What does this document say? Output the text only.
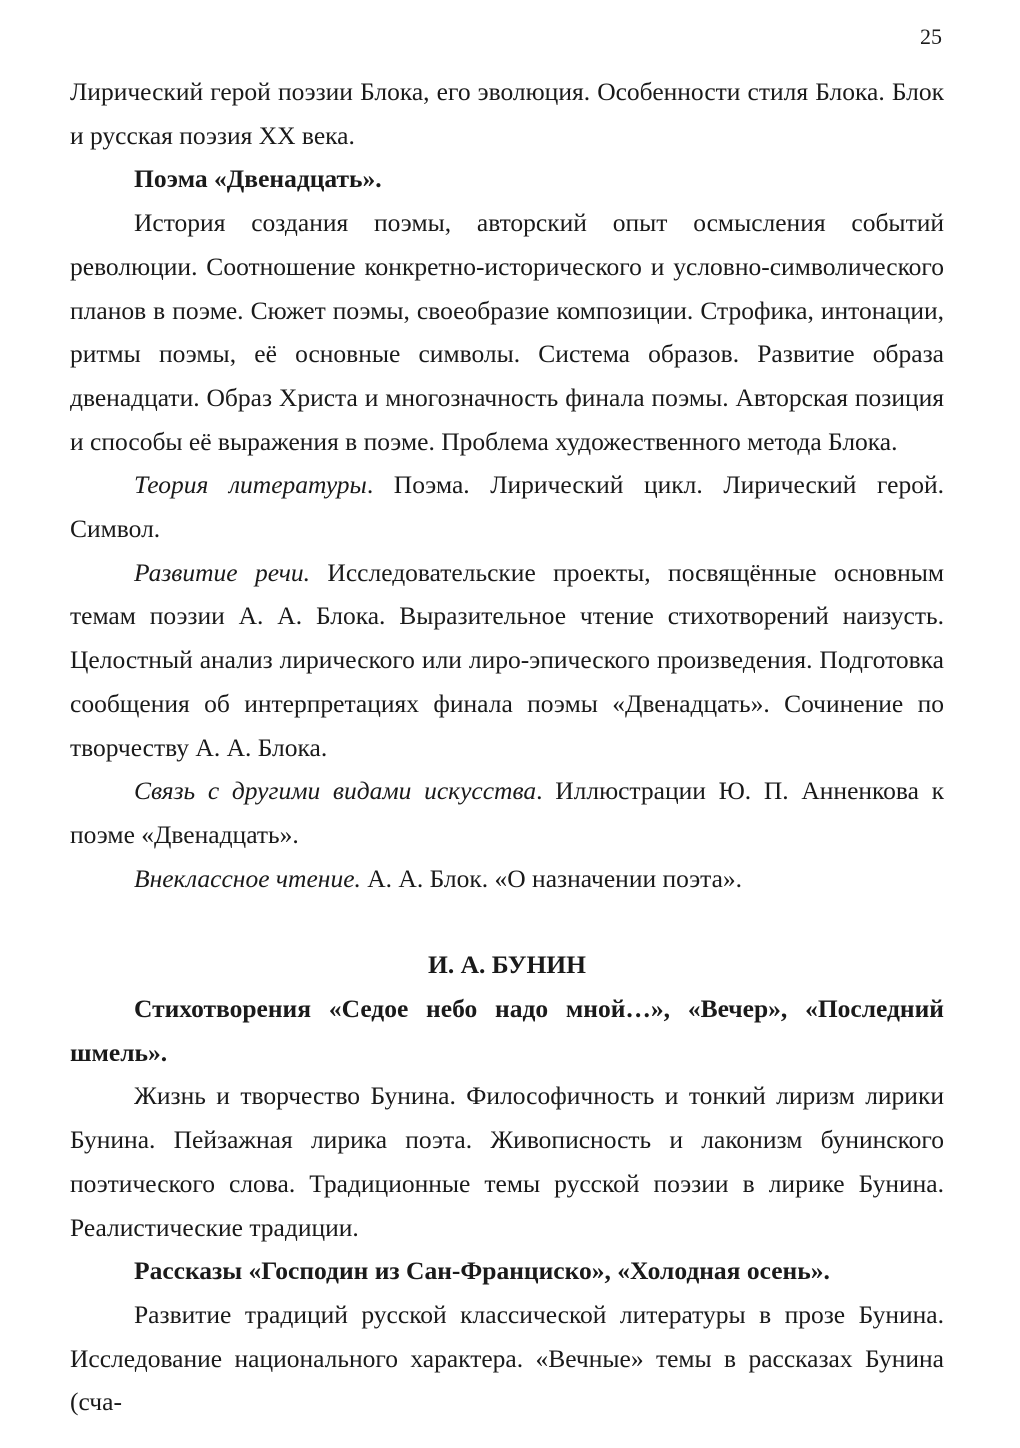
25

Лирический герой поэзии Блока, его эволюция. Особенности стиля Блока. Блок и русская поэзия XX века.

Поэма «Двенадцать».

История создания поэмы, авторский опыт осмысления событий революции. Соотношение конкретно-исторического и условно-символического планов в поэме. Сюжет поэмы, своеобразие композиции. Строфика, интонации, ритмы поэмы, её основные символы. Система образов. Развитие образа двенадцати. Образ Христа и многозначность финала поэмы. Авторская позиция и способы её выражения в поэме. Проблема художественного метода Блока.

Теория литературы. Поэма. Лирический цикл. Лирический герой. Символ.

Развитие речи. Исследовательские проекты, посвящённые основным темам поэзии А. А. Блока. Выразительное чтение стихотворений наизусть. Целостный анализ лирического или лиро-эпического произведения. Подготовка сообщения об интерпретациях финала поэмы «Двенадцать». Сочинение по творчеству А. А. Блока.

Связь с другими видами искусства. Иллюстрации Ю. П. Анненкова к поэме «Двенадцать».

Внеклассное чтение. А. А. Блок. «О назначении поэта».

И. А. БУНИН

Стихотворения «Седое небо надо мной…», «Вечер», «Последний шмель».

Жизнь и творчество Бунина. Философичность и тонкий лиризм лирики Бунина. Пейзажная лирика поэта. Живописность и лаконизм бунинского поэтического слова. Традиционные темы русской поэзии в лирике Бунина. Реалистические традиции.

Рассказы «Господин из Сан-Франциско», «Холодная осень».

Развитие традиций русской классической литературы в прозе Бунина. Исследование национального характера. «Вечные» темы в рассказах Бунина (сча-
